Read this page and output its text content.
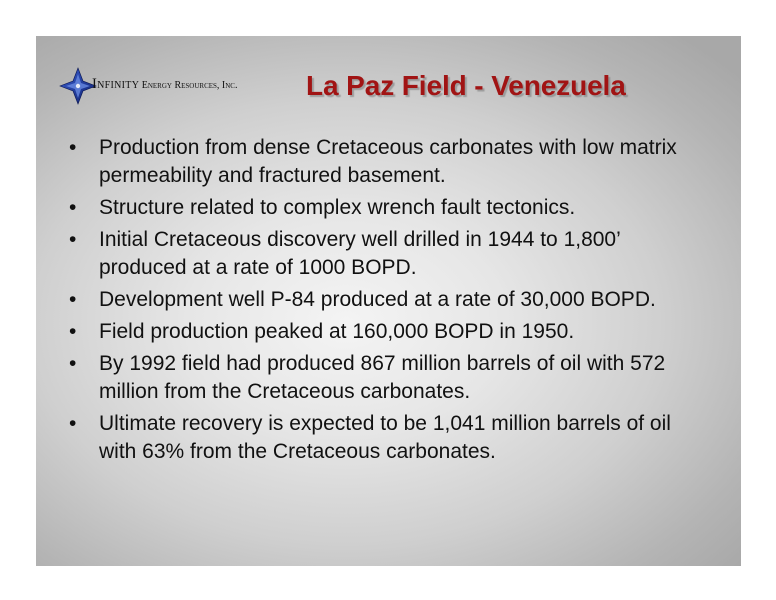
Infinity Energy Resources, Inc. La Paz Field - Venezuela
• Production from dense Cretaceous carbonates with low matrix permeability and fractured basement.
• Structure related to complex wrench fault tectonics.
• Initial Cretaceous discovery well drilled in 1944 to 1,800’ produced at a rate of 1000 BOPD.
• Development well P-84 produced at a rate of 30,000 BOPD.
• Field production peaked at 160,000 BOPD in 1950.
• By 1992 field had produced 867 million barrels of oil with 572 million from the Cretaceous carbonates.
• Ultimate recovery is expected to be 1,041 million barrels of oil with 63% from the Cretaceous carbonates.
